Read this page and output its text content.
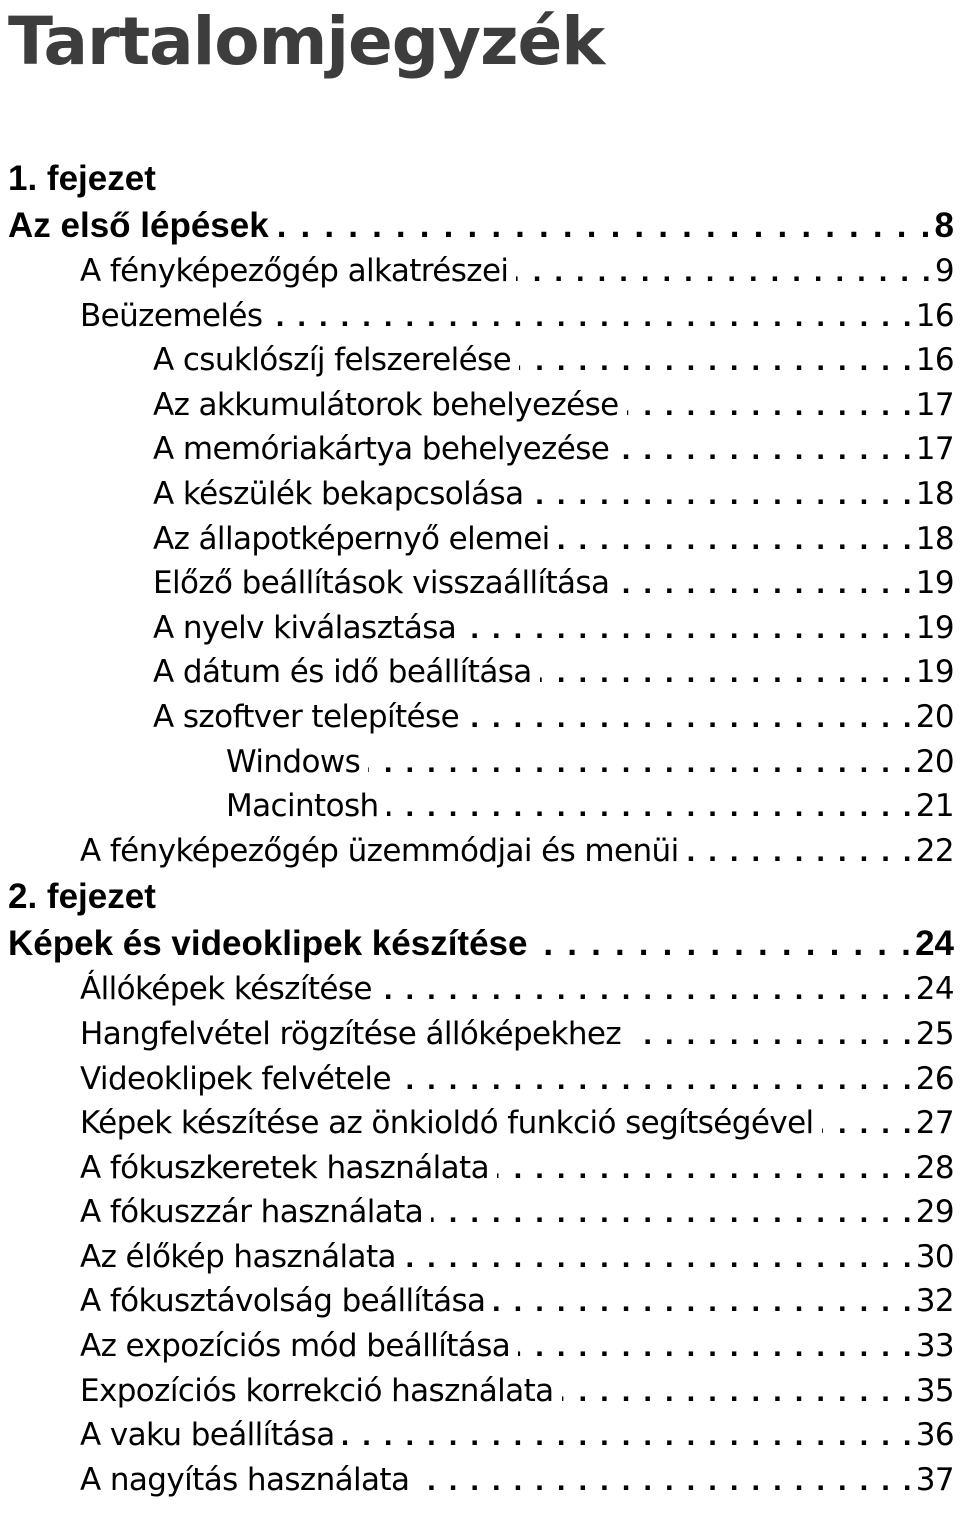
Tartalomjegyzék
1. fejezet
Az első lépések . . .	8
A fényképezőgép alkatrészei . . .	9
Beüzemelés . . .	16
A csuklószíj felszerelése . . .	16
Az akkumulátorok behelyezése . . .	17
A memóriakártya behelyezése . . .	17
A készülék bekapcsolása . . .	18
Az állapotképernyő elemei . . .	18
Előző beállítások visszaállítása . . .	19
A nyelv kiválasztása . . .	19
A dátum és idő beállítása . . .	19
A szoftver telepítése . . .	20
Windows . . .	20
Macintosh . . .	21
A fényképezőgép üzemmódjai és menüi . . .	22
2. fejezet
Képek és videoklipek készítése . . .	24
Állóképek készítése . . .	24
Hangfelvétel rögzítése állóképekhez . . .	25
Videoklipek felvétele . . .	26
Képek készítése az önkioldó funkció segítségével . . .	27
A fókuszkeretek használata . . .	28
A fókuszzár használata . . .	29
Az élőkép használata . . .	30
A fókusztávolság beállítása . . .	32
Az expozíciós mód beállítása . . .	33
Expozíciós korrekció használata . . .	35
A vaku beállítása . . .	36
A nagyítás használata . . .	37
